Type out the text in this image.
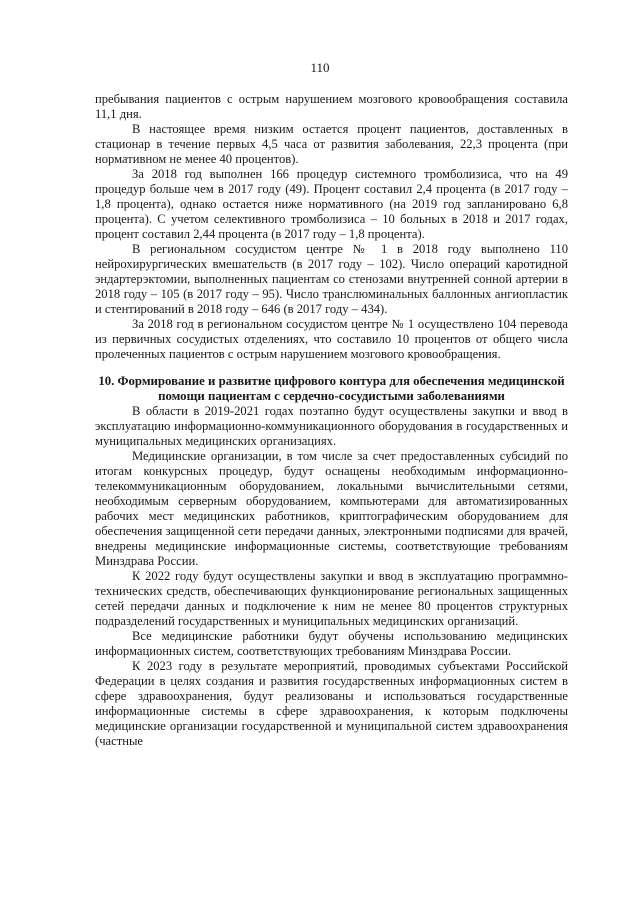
110

пребывания пациентов с острым нарушением мозгового кровообращения составила 11,1 дня.

В настоящее время низким остается процент пациентов, доставленных в стационар в течение первых 4,5 часа от развития заболевания, 22,3 процента (при нормативном не менее 40 процентов).

За 2018 год выполнен 166 процедур системного тромболизиса, что на 49 процедур больше чем в 2017 году (49). Процент составил 2,4 процента (в 2017 году – 1,8 процента), однако остается ниже нормативного (на 2019 год запланировано 6,8 процента). С учетом селективного тромболизиса – 10 больных в 2018 и 2017 годах, процент составил 2,44 процента (в 2017 году – 1,8 процента).

В региональном сосудистом центре № 1 в 2018 году выполнено 110 нейрохирургических вмешательств (в 2017 году – 102). Число операций каротидной эндартерэктомии, выполненных пациентам со стенозами внутренней сонной артерии в 2018 году – 105 (в 2017 году – 95). Число транслюминальных баллонных ангиопластик и стентирований в 2018 году – 646 (в 2017 году – 434).

За 2018 год в региональном сосудистом центре № 1 осуществлено 104 перевода из первичных сосудистых отделениях, что составило 10 процентов от общего числа пролеченных пациентов с острым нарушением мозгового кровообращения.

10. Формирование и развитие цифрового контура для обеспечения медицинской помощи пациентам с сердечно-сосудистыми заболеваниями

В области в 2019-2021 годах поэтапно будут осуществлены закупки и ввод в эксплуатацию информационно-коммуникационного оборудования в государственных и муниципальных медицинских организациях.

Медицинские организации, в том числе за счет предоставленных субсидий по итогам конкурсных процедур, будут оснащены необходимым информационно-телекоммуникационным оборудованием, локальными вычислительными сетями, необходимым серверным оборудованием, компьютерами для автоматизированных рабочих мест медицинских работников, криптографическим оборудованием для обеспечения защищенной сети передачи данных, электронными подписями для врачей, внедрены медицинские информационные системы, соответствующие требованиям Минздрава России.

К 2022 году будут осуществлены закупки и ввод в эксплуатацию программно-технических средств, обеспечивающих функционирование региональных защищенных сетей передачи данных и подключение к ним не менее 80 процентов структурных подразделений государственных и муниципальных медицинских организаций.

Все медицинские работники будут обучены использованию медицинских информационных систем, соответствующих требованиям Минздрава России.

К 2023 году в результате мероприятий, проводимых субъектами Российской Федерации в целях создания и развития государственных информационных систем в сфере здравоохранения, будут реализованы и использоваться государственные информационные системы в сфере здравоохранения, к которым подключены медицинские организации государственной и муниципальной систем здравоохранения (частные
